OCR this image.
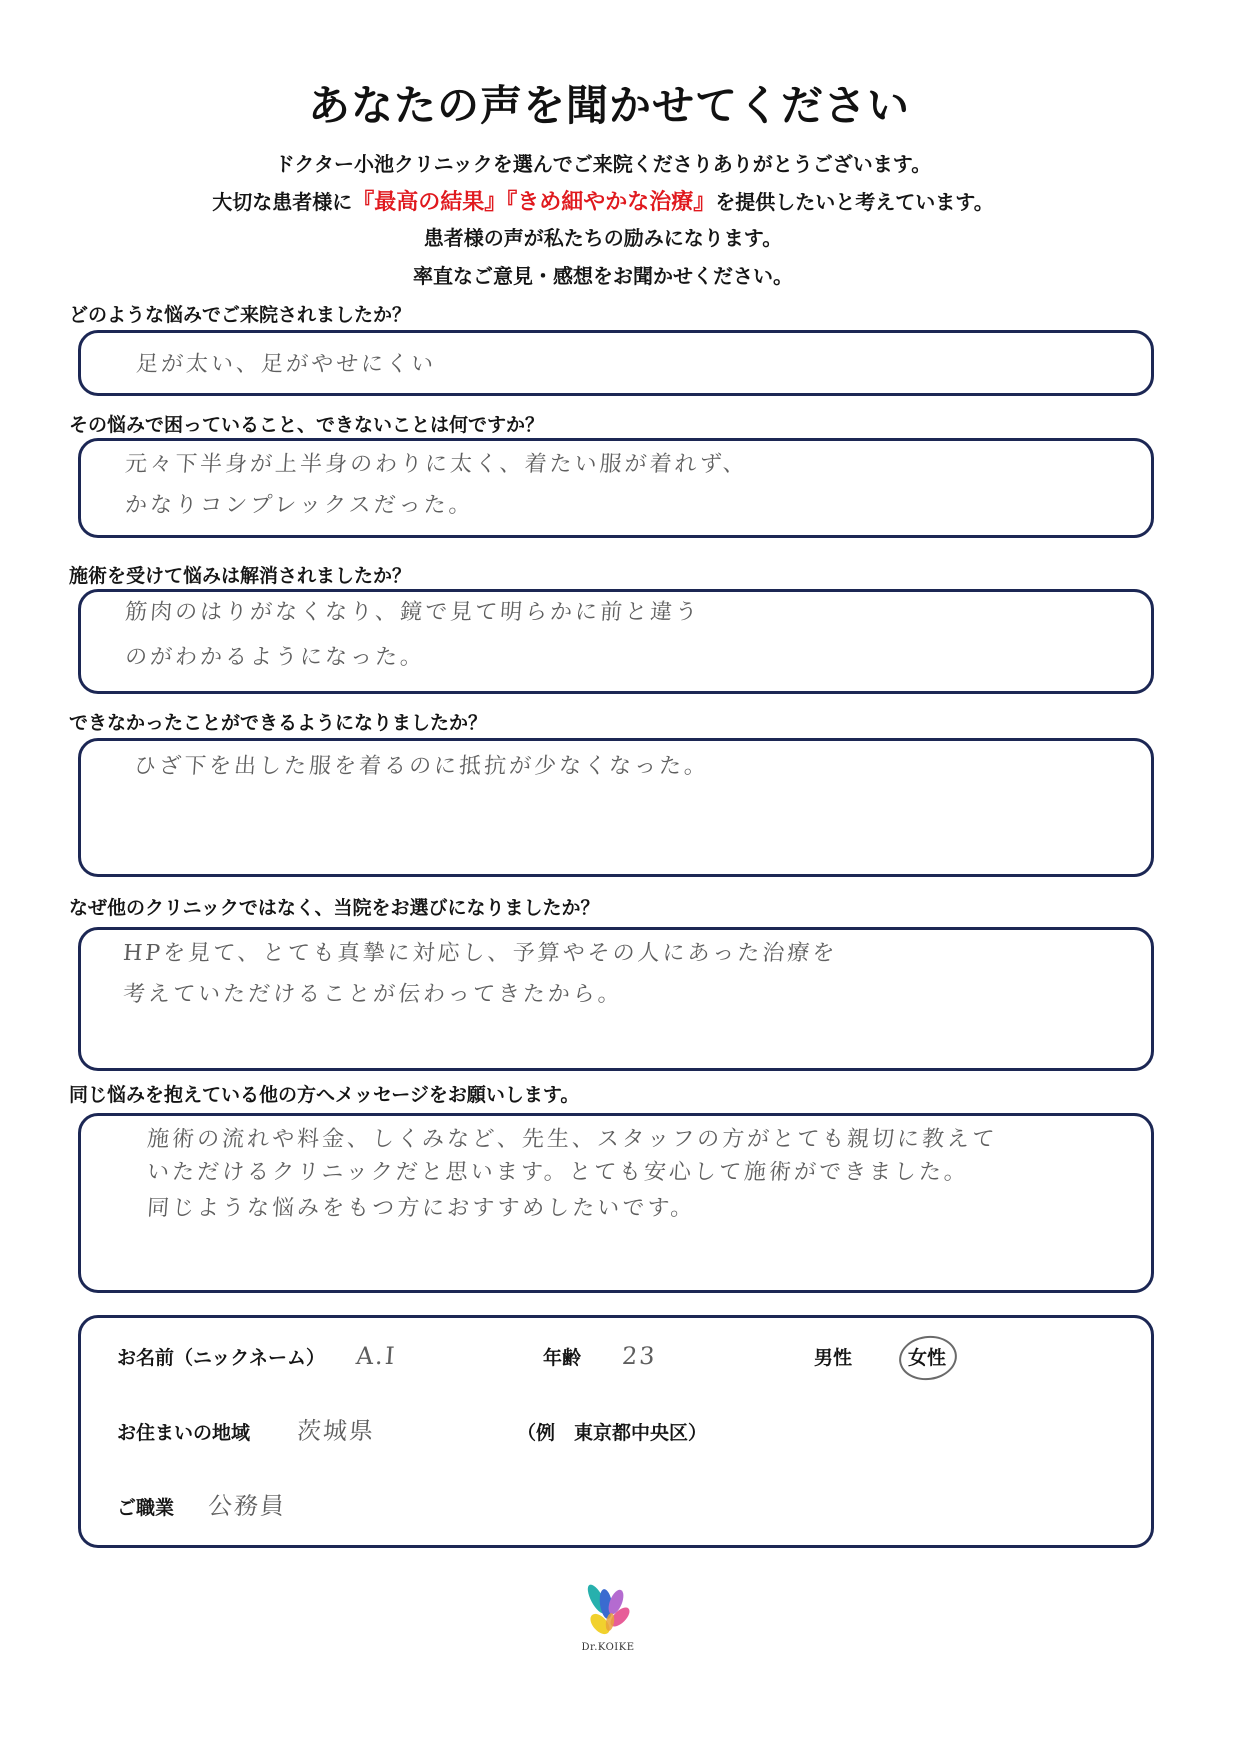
あなたの声を聞かせてください
ドクター小池クリニックを選んでご来院くださりありがとうございます。
大切な患者様に『最高の結果』『きめ細やかな治療』を提供したいと考えています。
患者様の声が私たちの励みになります。
率直なご意見・感想をお聞かせください。
どのような悩みでご来院されましたか？
足が太い、足がやせにくい
その悩みで困っていること、できないことは何ですか？
元々下半身が上半身のわりに太く、着たい服が着れず、
かなりコンプレックスだった。
施術を受けて悩みは解消されましたか？
筋肉のはりがなくなり、鏡で見て明らかに前と違う
のがわかるようになった。
できなかったことができるようになりましたか？
ひざ下を出した服を着るのに抵抗が少なくなった。
なぜ他のクリニックではなく、当院をお選びになりましたか？
HPを見て、とても真摯に対応し、予算やその人にあった治療を
考えていただけることが伝わってきたから。
同じ悩みを抱えている他の方へメッセージをお願いします。
施術の流れや料金、しくみなど、先生、スタッフの方がとても親切に教えて
いただけるクリニックだと思います。とても安心して施術ができました。
同じような悩みをもつ方におすすめしたいです。
お名前（ニックネーム） A.I	年齢 23	男性	女性
お住まいの地域 茨城県	（例　東京都中央区）
ご職業 公務員
Dr.KOIKE
